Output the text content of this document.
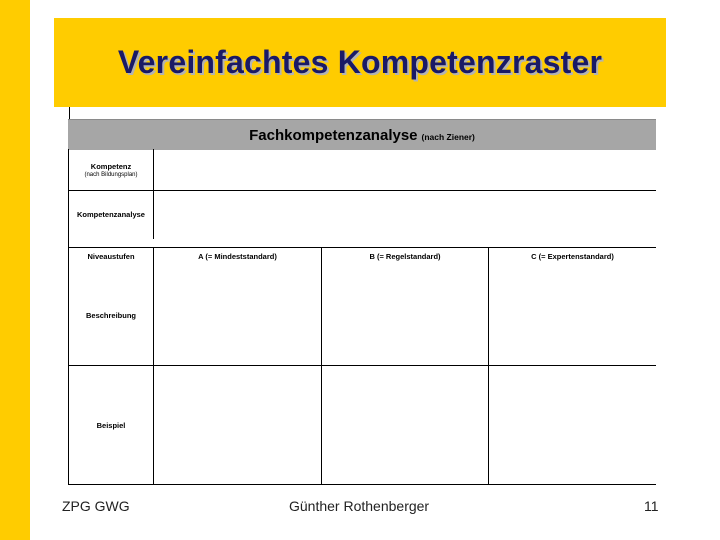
Vereinfachtes Kompetenzraster
Fachkompetenzanalyse (nach Ziener)
Kompetenz
(nach Bildungsplan)
Kompetenzanalyse
Niveaustufen	A (= Mindeststandard)	B (= Regelstandard)	C (= Expertenstandard)
Beschreibung
Beispiel
ZPG GWG	Günther Rothenberger	11
